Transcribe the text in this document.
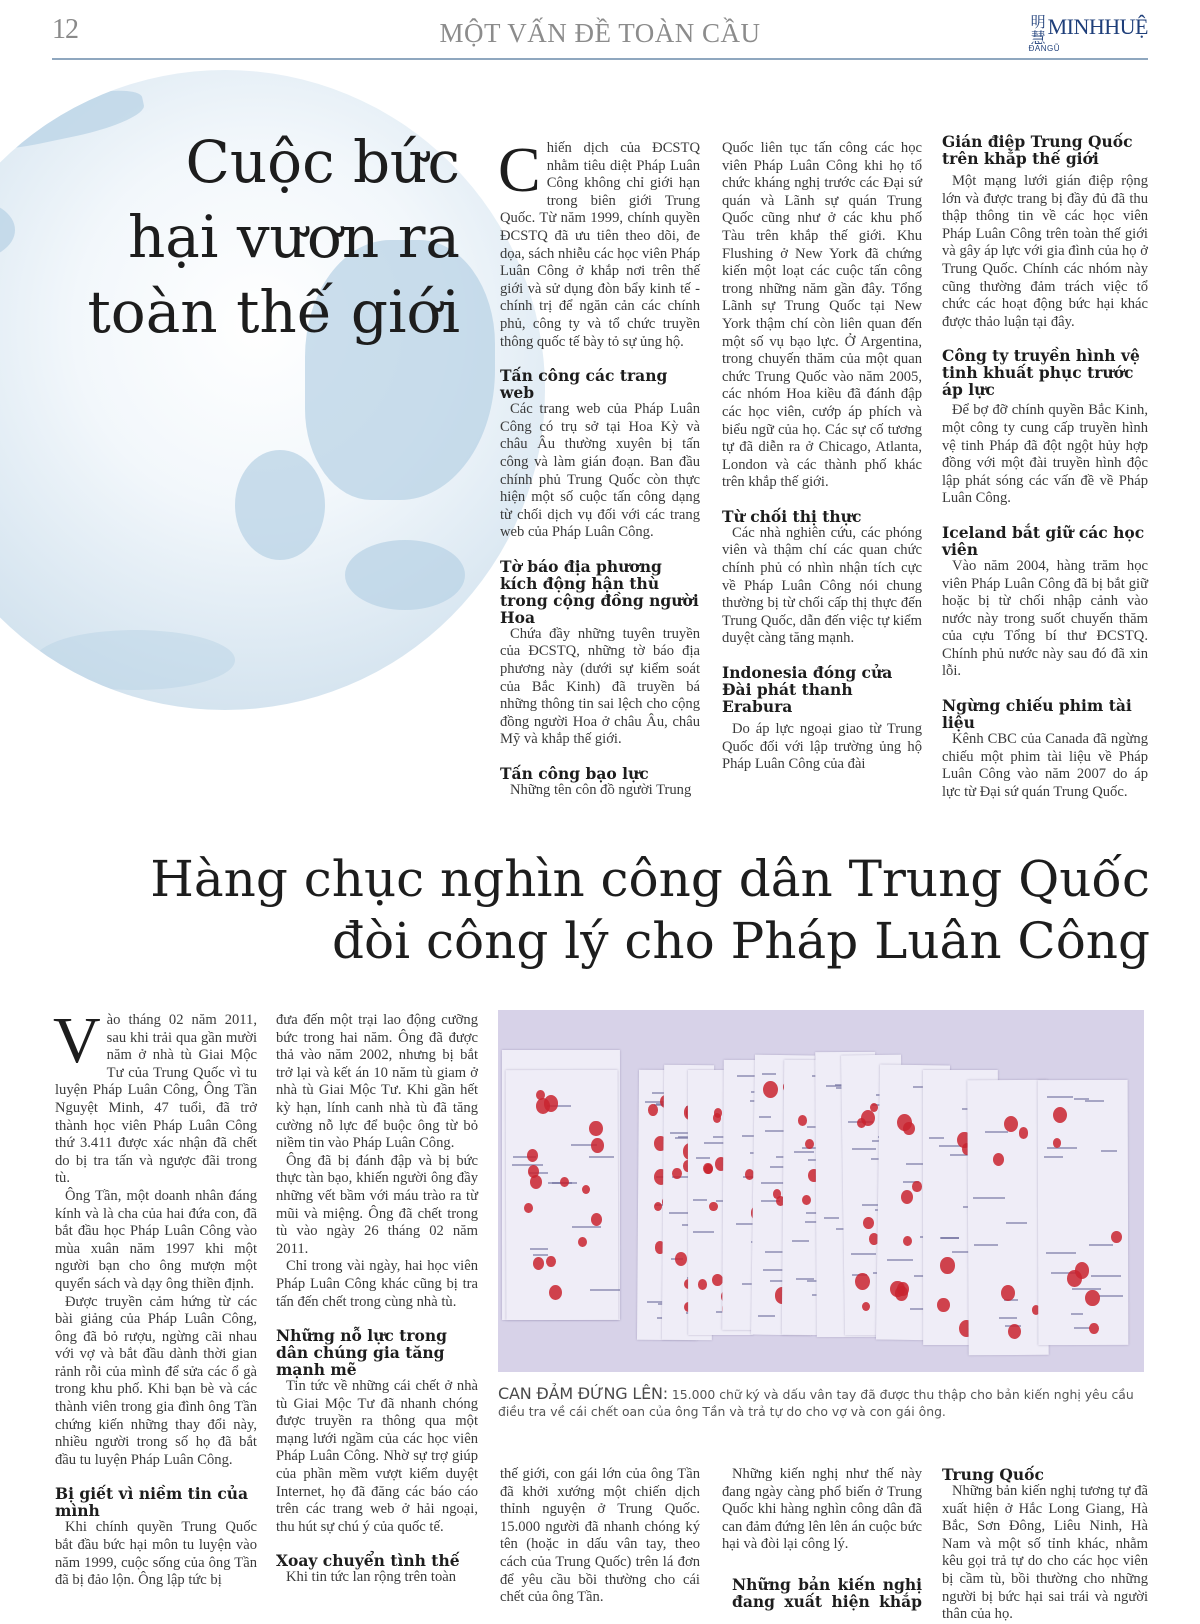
12	MỘT VẤN ĐỀ TOÀN CẦU	明
慧 MINHHUỆ
ĐANGŨ
Cuộc bức
hại vươn ra
toàn thế giới

Chiến dịch của ĐCSTQ nhằm tiêu diệt Pháp Luân Công không chỉ giới hạn trong biên giới Trung Quốc. Từ năm 1999, chính quyền ĐCSTQ đã ưu tiên theo dõi, đe dọa, sách nhiễu các học viên Pháp Luân Công ở khắp nơi trên thế giới và sử dụng đòn bẩy kinh tế - chính trị để ngăn cản các chính phủ, công ty và tổ chức truyền thông quốc tế bày tỏ sự ủng hộ.

Tấn công các trang web

Các trang web của Pháp Luân Công có trụ sở tại Hoa Kỳ và châu Âu thường xuyên bị tấn công và làm gián đoạn. Ban đầu chính phủ Trung Quốc còn thực hiện một số cuộc tấn công dạng từ chối dịch vụ đối với các trang web của Pháp Luân Công.

Tờ báo địa phương kích động hận thù trong cộng đồng người Hoa

Chứa đầy những tuyên truyền của ĐCSTQ, những tờ báo địa phương này (dưới sự kiểm soát của Bắc Kinh) đã truyền bá những thông tin sai lệch cho cộng đồng người Hoa ở châu Âu, châu Mỹ và khắp thế giới.

Tấn công bạo lực

Những tên côn đồ người Trung

Quốc liên tục tấn công các học viên Pháp Luân Công khi họ tổ chức kháng nghị trước các Đại sứ quán và Lãnh sự quán Trung Quốc cũng như ở các khu phố Tàu trên khắp thế giới. Khu Flushing ở New York đã chứng kiến một loạt các cuộc tấn công trong những năm gần đây. Tổng Lãnh sự Trung Quốc tại New York thậm chí còn liên quan đến một số vụ bạo lực. Ở Argentina, trong chuyến thăm của một quan chức Trung Quốc vào năm 2005, các nhóm Hoa kiều đã đánh đập các học viên, cướp áp phích và biểu ngữ của họ. Các sự cố tương tự đã diễn ra ở Chicago, Atlanta, London và các thành phố khác trên khắp thế giới.

Từ chối thị thực

Các nhà nghiên cứu, các phóng viên và thậm chí các quan chức chính phủ có nhìn nhận tích cực về Pháp Luân Công nói chung thường bị từ chối cấp thị thực đến Trung Quốc, dẫn đến việc tự kiểm duyệt càng tăng mạnh.

Indonesia đóng cửa Đài phát thanh Erabura

Do áp lực ngoại giao từ Trung Quốc đối với lập trường ủng hộ Pháp Luân Công của đài

Gián điệp Trung Quốc trên khắp thế giới

Một mạng lưới gián điệp rộng lớn và được trang bị đầy đủ đã thu thập thông tin về các học viên Pháp Luân Công trên toàn thế giới và gây áp lực với gia đình của họ ở Trung Quốc. Chính các nhóm này cũng thường đảm trách việc tổ chức các hoạt động bức hại khác được thảo luận tại đây.

Công ty truyền hình vệ tinh khuất phục trước áp lực

Để bợ đỡ chính quyền Bắc Kinh, một công ty cung cấp truyền hình vệ tinh Pháp đã đột ngột hủy hợp đồng với một đài truyền hình độc lập phát sóng các vấn đề về Pháp Luân Công.

Iceland bắt giữ các học viên

Vào năm 2004, hàng trăm học viên Pháp Luân Công đã bị bắt giữ hoặc bị từ chối nhập cảnh vào nước này trong suốt chuyến thăm của cựu Tổng bí thư ĐCSTQ. Chính phủ nước này sau đó đã xin lỗi.

Ngừng chiếu phim tài liệu

Kênh CBC của Canada đã ngừng chiếu một phim tài liệu về Pháp Luân Công vào năm 2007 do áp lực từ Đại sứ quán Trung Quốc.

Hàng chục nghìn công dân Trung Quốc
đòi công lý cho Pháp Luân Công

Vào tháng 02 năm 2011, sau khi trải qua gần mười năm ở nhà tù Giai Mộc Tư của Trung Quốc vì tu luyện Pháp Luân Công, Ông Tần Nguyệt Minh, 47 tuổi, đã trở thành học viên Pháp Luân Công thứ 3.411 được xác nhận đã chết do bị tra tấn và ngược đãi trong tù.

Ông Tần, một doanh nhân đáng kính và là cha của hai đứa con, đã bắt đầu học Pháp Luân Công vào mùa xuân năm 1997 khi một người bạn cho ông mượn một quyển sách và dạy ông thiền định.

Được truyền cảm hứng từ các bài giảng của Pháp Luân Công, ông đã bỏ rượu, ngừng cãi nhau với vợ và bắt đầu dành thời gian rảnh rỗi của mình để sửa các ổ gà trong khu phố. Khi bạn bè và các thành viên trong gia đình ông Tần chứng kiến những thay đổi này, nhiều người trong số họ đã bắt đầu tu luyện Pháp Luân Công.

Bị giết vì niềm tin của mình

Khi chính quyền Trung Quốc bắt đầu bức hại môn tu luyện vào năm 1999, cuộc sống của ông Tần đã bị đảo lộn. Ông lập tức bị

đưa đến một trại lao động cưỡng bức trong hai năm. Ông đã được thả vào năm 2002, nhưng bị bắt trở lại và kết án 10 năm tù giam ở nhà tù Giai Mộc Tư. Khi gần hết kỳ hạn, lính canh nhà tù đã tăng cường nỗ lực để buộc ông từ bỏ niềm tin vào Pháp Luân Công.

Ông đã bị đánh đập và bị bức thực tàn bạo, khiến người ông đầy những vết bầm với máu trào ra từ mũi và miệng. Ông đã chết trong tù vào ngày 26 tháng 02 năm 2011.

Chỉ trong vài ngày, hai học viên Pháp Luân Công khác cũng bị tra tấn đến chết trong cùng nhà tù.

Những nỗ lực trong dân chúng gia tăng mạnh mẽ

Tin tức về những cái chết ở nhà tù Giai Mộc Tư đã nhanh chóng được truyền ra thông qua một mạng lưới ngầm của các học viên Pháp Luân Công. Nhờ sự trợ giúp của phần mềm vượt kiểm duyệt Internet, họ đã đăng các báo cáo trên các trang web ở hải ngoại, thu hút sự chú ý của quốc tế.

Xoay chuyển tình thế

Khi tin tức lan rộng trên toàn

CAN ĐẢM ĐỨNG LÊN: 15.000 chữ ký và dấu vân tay đã được thu thập cho bản kiến nghị yêu cầu điều tra về cái chết oan của ông Tần và trả tự do cho vợ và con gái ông.

thế giới, con gái lớn của ông Tần đã khởi xướng một chiến dịch thỉnh nguyện ở Trung Quốc. 15.000 người đã nhanh chóng ký tên (hoặc in dấu vân tay, theo cách của Trung Quốc) trên lá đơn để yêu cầu bồi thường cho cái chết của ông Tần.

Những kiến nghị như thế này đang ngày càng phổ biến ở Trung Quốc khi hàng nghìn công dân đã can đảm đứng lên lên án cuộc bức hại và đòi lại công lý.

Những bản kiến nghị đang xuất hiện khắp
Trung Quốc

Những bản kiến nghị tương tự đã xuất hiện ở Hắc Long Giang, Hà Bắc, Sơn Đông, Liêu Ninh, Hà Nam và một số tỉnh khác, nhằm kêu gọi trả tự do cho các học viên bị cầm tù, bồi thường cho những người bị bức hại sai trái và người thân của họ.
